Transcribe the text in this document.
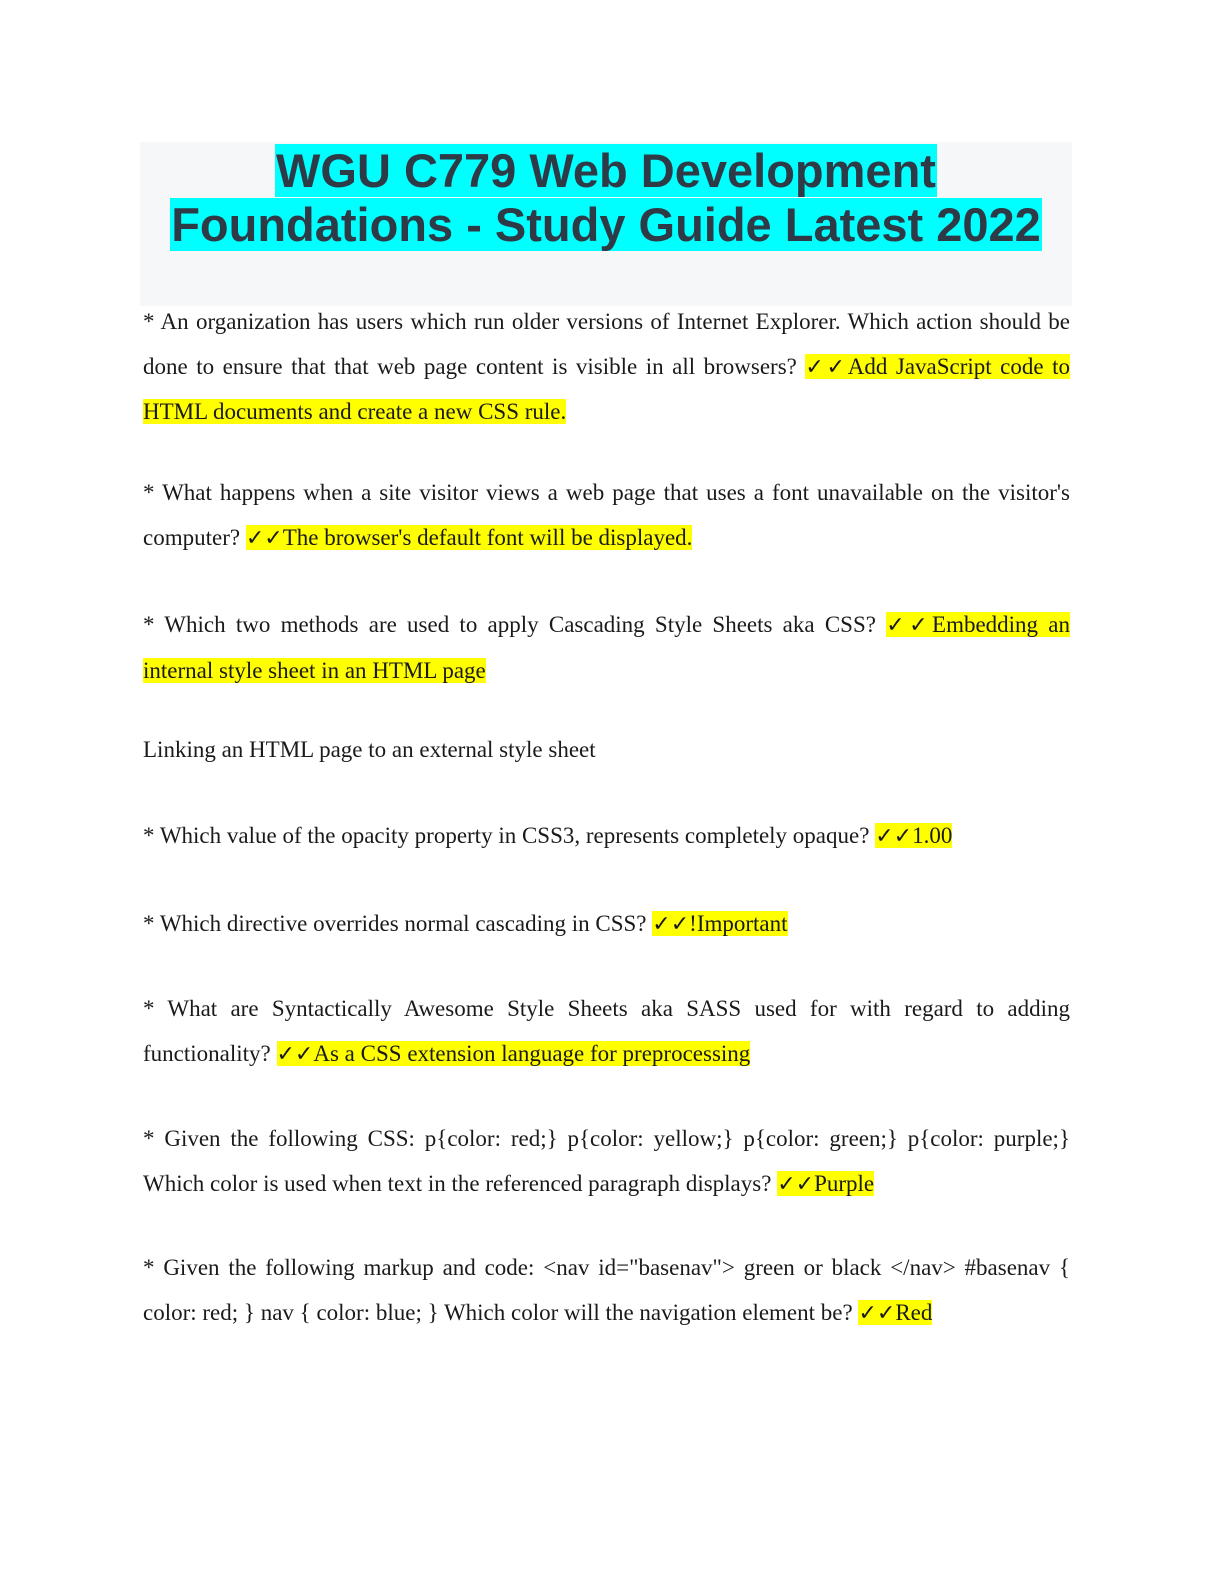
WGU C779 Web Development

Foundations - Study Guide Latest 2022

* An organization has users which run older versions of Internet Explorer. Which action should be done to ensure that that web page content is visible in all browsers? ✓✓Add JavaScript code to HTML documents and create a new CSS rule.

* What happens when a site visitor views a web page that uses a font unavailable on the visitor's computer? ✓✓The browser's default font will be displayed.

* Which two methods are used to apply Cascading Style Sheets aka CSS? ✓✓Embedding an internal style sheet in an HTML page

Linking an HTML page to an external style sheet

* Which value of the opacity property in CSS3, represents completely opaque? ✓✓1.00

* Which directive overrides normal cascading in CSS? ✓✓!Important

* What are Syntactically Awesome Style Sheets aka SASS used for with regard to adding functionality? ✓✓As a CSS extension language for preprocessing

* Given the following CSS: p{color: red;} p{color: yellow;} p{color: green;} p{color: purple;} Which color is used when text in the referenced paragraph displays? ✓✓Purple

* Given the following markup and code: <nav id="basenav"> green or black </nav> #basenav { color: red; } nav { color: blue; } Which color will the navigation element be? ✓✓Red
